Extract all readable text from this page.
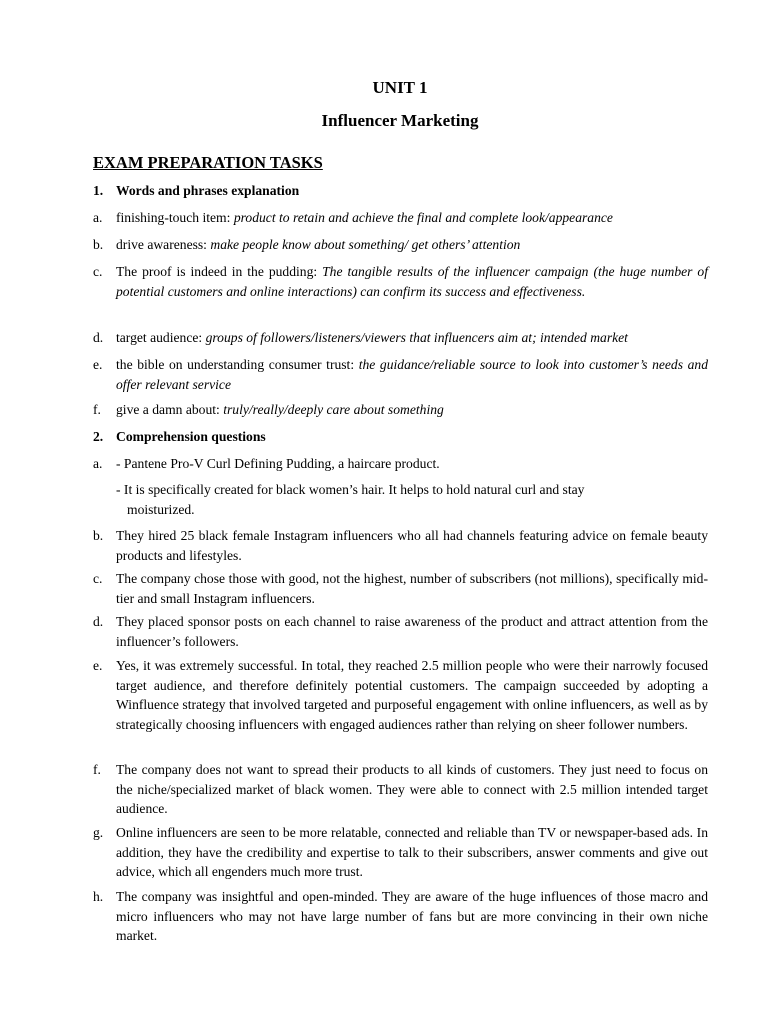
UNIT 1
Influencer Marketing
EXAM PREPARATION TASKS
1. Words and phrases explanation
a. finishing-touch item: product to retain and achieve the final and complete look/appearance
b. drive awareness: make people know about something/ get others’ attention
c. The proof is indeed in the pudding: The tangible results of the influencer campaign (the huge number of potential customers and online interactions) can confirm its success and effectiveness.
d. target audience: groups of followers/listeners/viewers that influencers aim at; intended market
e. the bible on understanding consumer trust: the guidance/reliable source to look into customer’s needs and offer relevant service
f. give a damn about: truly/really/deeply care about something
2. Comprehension questions
a. - Pantene Pro-V Curl Defining Pudding, a haircare product.
- It is specifically created for black women’s hair. It helps to hold natural curl and stay
moisturized.
b. They hired 25 black female Instagram influencers who all had channels featuring advice on female beauty products and lifestyles.
c. The company chose those with good, not the highest, number of subscribers (not millions), specifically mid-tier and small Instagram influencers.
d. They placed sponsor posts on each channel to raise awareness of the product and attract attention from the influencer’s followers.
e. Yes, it was extremely successful. In total, they reached 2.5 million people who were their narrowly focused target audience, and therefore definitely potential customers. The campaign succeeded by adopting a Winfluence strategy that involved targeted and purposeful engagement with online influencers, as well as by strategically choosing influencers with engaged audiences rather than relying on sheer follower numbers.
f. The company does not want to spread their products to all kinds of customers. They just need to focus on the niche/specialized market of black women. They were able to connect with 2.5 million intended target audience.
g. Online influencers are seen to be more relatable, connected and reliable than TV or newspaper-based ads. In addition, they have the credibility and expertise to talk to their subscribers, answer comments and give out advice, which all engenders much more trust.
h. The company was insightful and open-minded. They are aware of the huge influences of those macro and micro influencers who may not have large number of fans but are more convincing in their own niche market.
